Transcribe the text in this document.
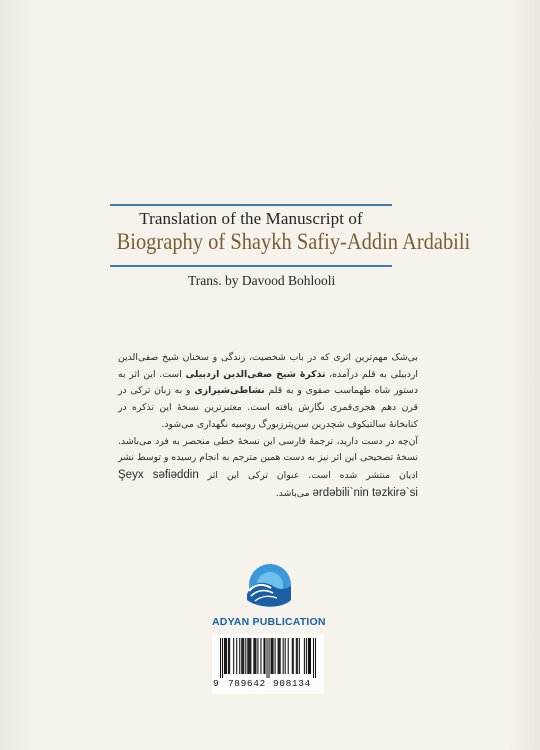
Translation of the Manuscript of
Biography of Shaykh Safiy-Addin Ardabili
Trans. by Davood Bohlooli

بی‌شک مهم‌ترین اثری که در باب شخصیت، زندگی و سخنان شیخ صفی‌الدین اردبیلی به قلم درآمده، تذکرهٔ شیخ صفی‌الدین اردبیلی است. این اثر به دستور شاه طهماسب صفوی و به قلم نشاطی‌شیرازی و به زبان ترکی در قرن دهم هجری‌قمری نگارش یافته است. معتبرترین نسخهٔ این تذکره در کتابخانهٔ سالتیکوف شچدرین سن‌پترزبورگ روسیه نگهداری می‌شود.

آن‌چه در دست دارید، ترجمهٔ فارسی این نسخهٔ خطی منحصر به فرد می‌باشد. نسخهٔ تصحیحی این اثر نیز به دست همین مترجم به انجام رسیده و توسط نشر ادیان منتشر شده است. عنوان ترکی این اثر Şeyx səfiəddin ərdəbili`nin təzkirə`si می‌باشد.

ADYAN PUBLICATION
9 789642 908134
